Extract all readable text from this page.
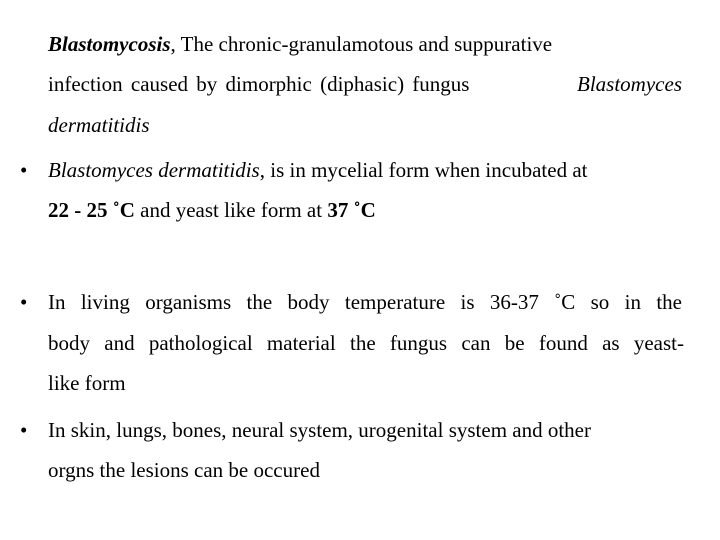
Blastomycosis, The chronic-granulamotous and suppurative
infection caused by dimorphic (diphasic) fungus	Blastomyces
dermatitidis
• Blastomyces dermatitidis, is in mycelial form when incubated at
22 - 25 ˚C and yeast like form at 37 ˚C
• In living organisms the body temperature is 36-37 ˚C so in the
body and pathological material the fungus can be found as yeast-
like form
• In skin, lungs, bones, neural system, urogenital system and other
orgns the lesions can be occured
